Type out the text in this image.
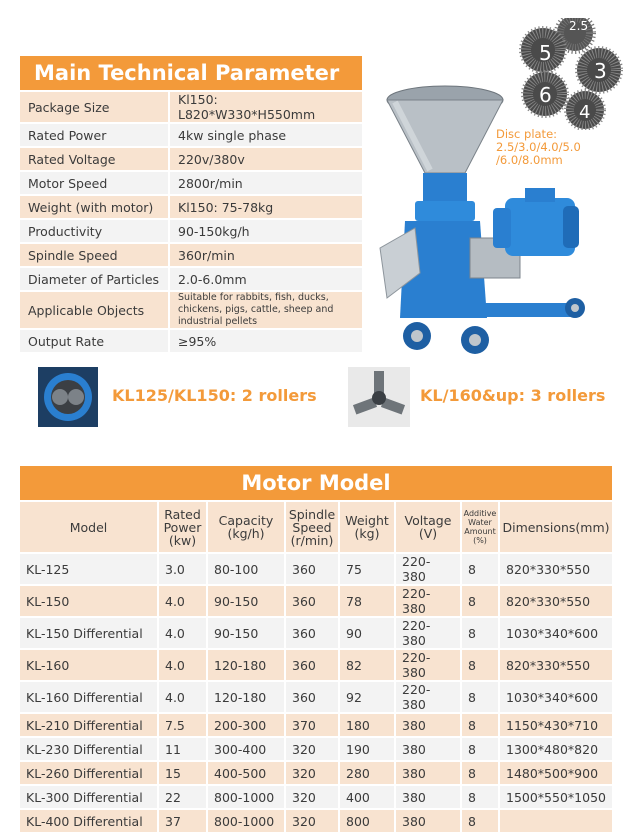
Main Technical Parameter
Package Size	Kl150: L820*W330*H550mm
Rated Power	4kw single phase
Rated Voltage	220v/380v
Motor Speed	2800r/min
Weight (with motor)	Kl150: 75-78kg
Productivity	90-150kg/h
Spindle Speed	360r/min
Diameter of Particles	2.0-6.0mm
Applicable Objects	Suitable for rabbits, fish, ducks, chickens, pigs, cattle, sheep and industrial pellets

Output Rate	≥95%
2.5
5
3
6
4
Disc plate: 2.5/3.0/4.0/5.0 /6.0/8.0mm
KL125/KL150: 2 rollers	KL/160&up: 3 rollers
Motor Model
Model	Rated Power (kw)	Capacity (kg/h)	Spindle Speed (r/min)	Weight (kg)	Voltage (V)	Additive Water Amount (%)	Dimensions(mm)
KL-125	3.0	80-100	360	75	220-380	8	820*330*550
KL-150	4.0	90-150	360	78	220-380	8	820*330*550
KL-150 Differential	4.0	90-150	360	90	220-380	8	1030*340*600
KL-160	4.0	120-180	360	82	220-380	8	820*330*550
KL-160 Differential	4.0	120-180	360	92	220-380	8	1030*340*600
KL-210 Differential	7.5	200-300	370	180	380	8	1150*430*710
KL-230 Differential	11	300-400	320	190	380	8	1300*480*820
KL-260 Differential	15	400-500	320	280	380	8	1480*500*900
KL-300 Differential	22	800-1000	320	400	380	8	1500*550*1050
KL-400 Differential	37	800-1000	320	800	380	8	
